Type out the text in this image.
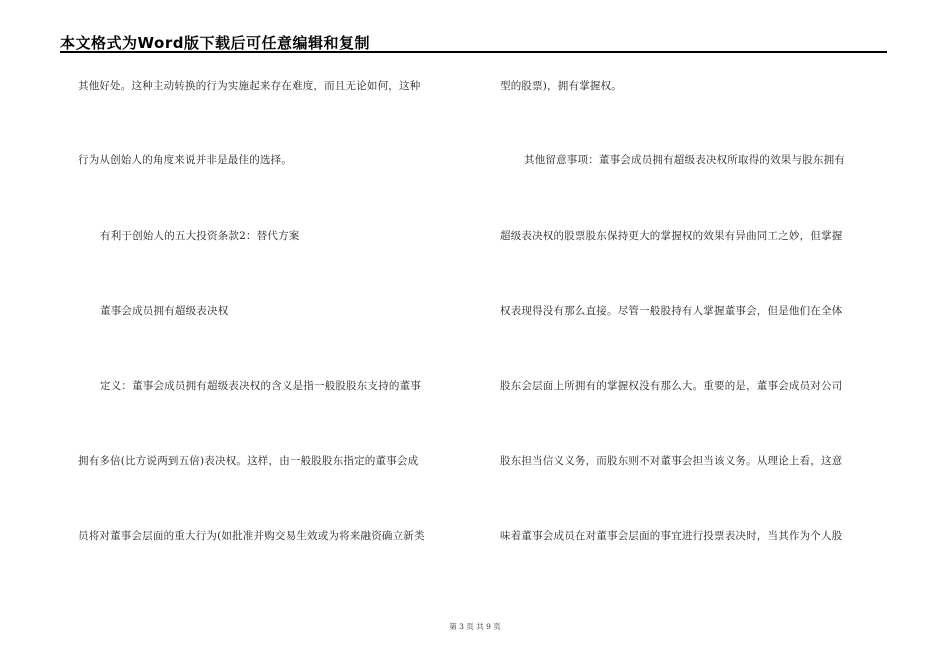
本文格式为Word版下载后可任意编辑和复制
其他好处。这种主动转换的行为实施起来存在难度，而且无论如何，这种
行为从创始人的角度来说并非是最佳的选择。
有利于创始人的五大投资条款2：替代方案
董事会成员拥有超级表决权
定义：董事会成员拥有超级表决权的含义是指一般股股东支持的董事
拥有多倍(比方说两到五倍)表决权。这样，由一般股股东指定的董事会成
员将对董事会层面的重大行为(如批准并购交易生效或为将来融资确立新类
型的股票)，拥有掌握权。
其他留意事项：董事会成员拥有超级表决权所取得的效果与股东拥有
超级表决权的股票股东保持更大的掌握权的效果有异曲同工之妙，但掌握
权表现得没有那么直接。尽管一般股持有人掌握董事会，但是他们在全体
股东会层面上所拥有的掌握权没有那么大。重要的是，董事会成员对公司
股东担当信义义务，而股东则不对董事会担当该义务。从理论上看，这意
味着董事会成员在对董事会层面的事宜进行投票表决时，当其作为个人股
第 3 页 共 9 页
